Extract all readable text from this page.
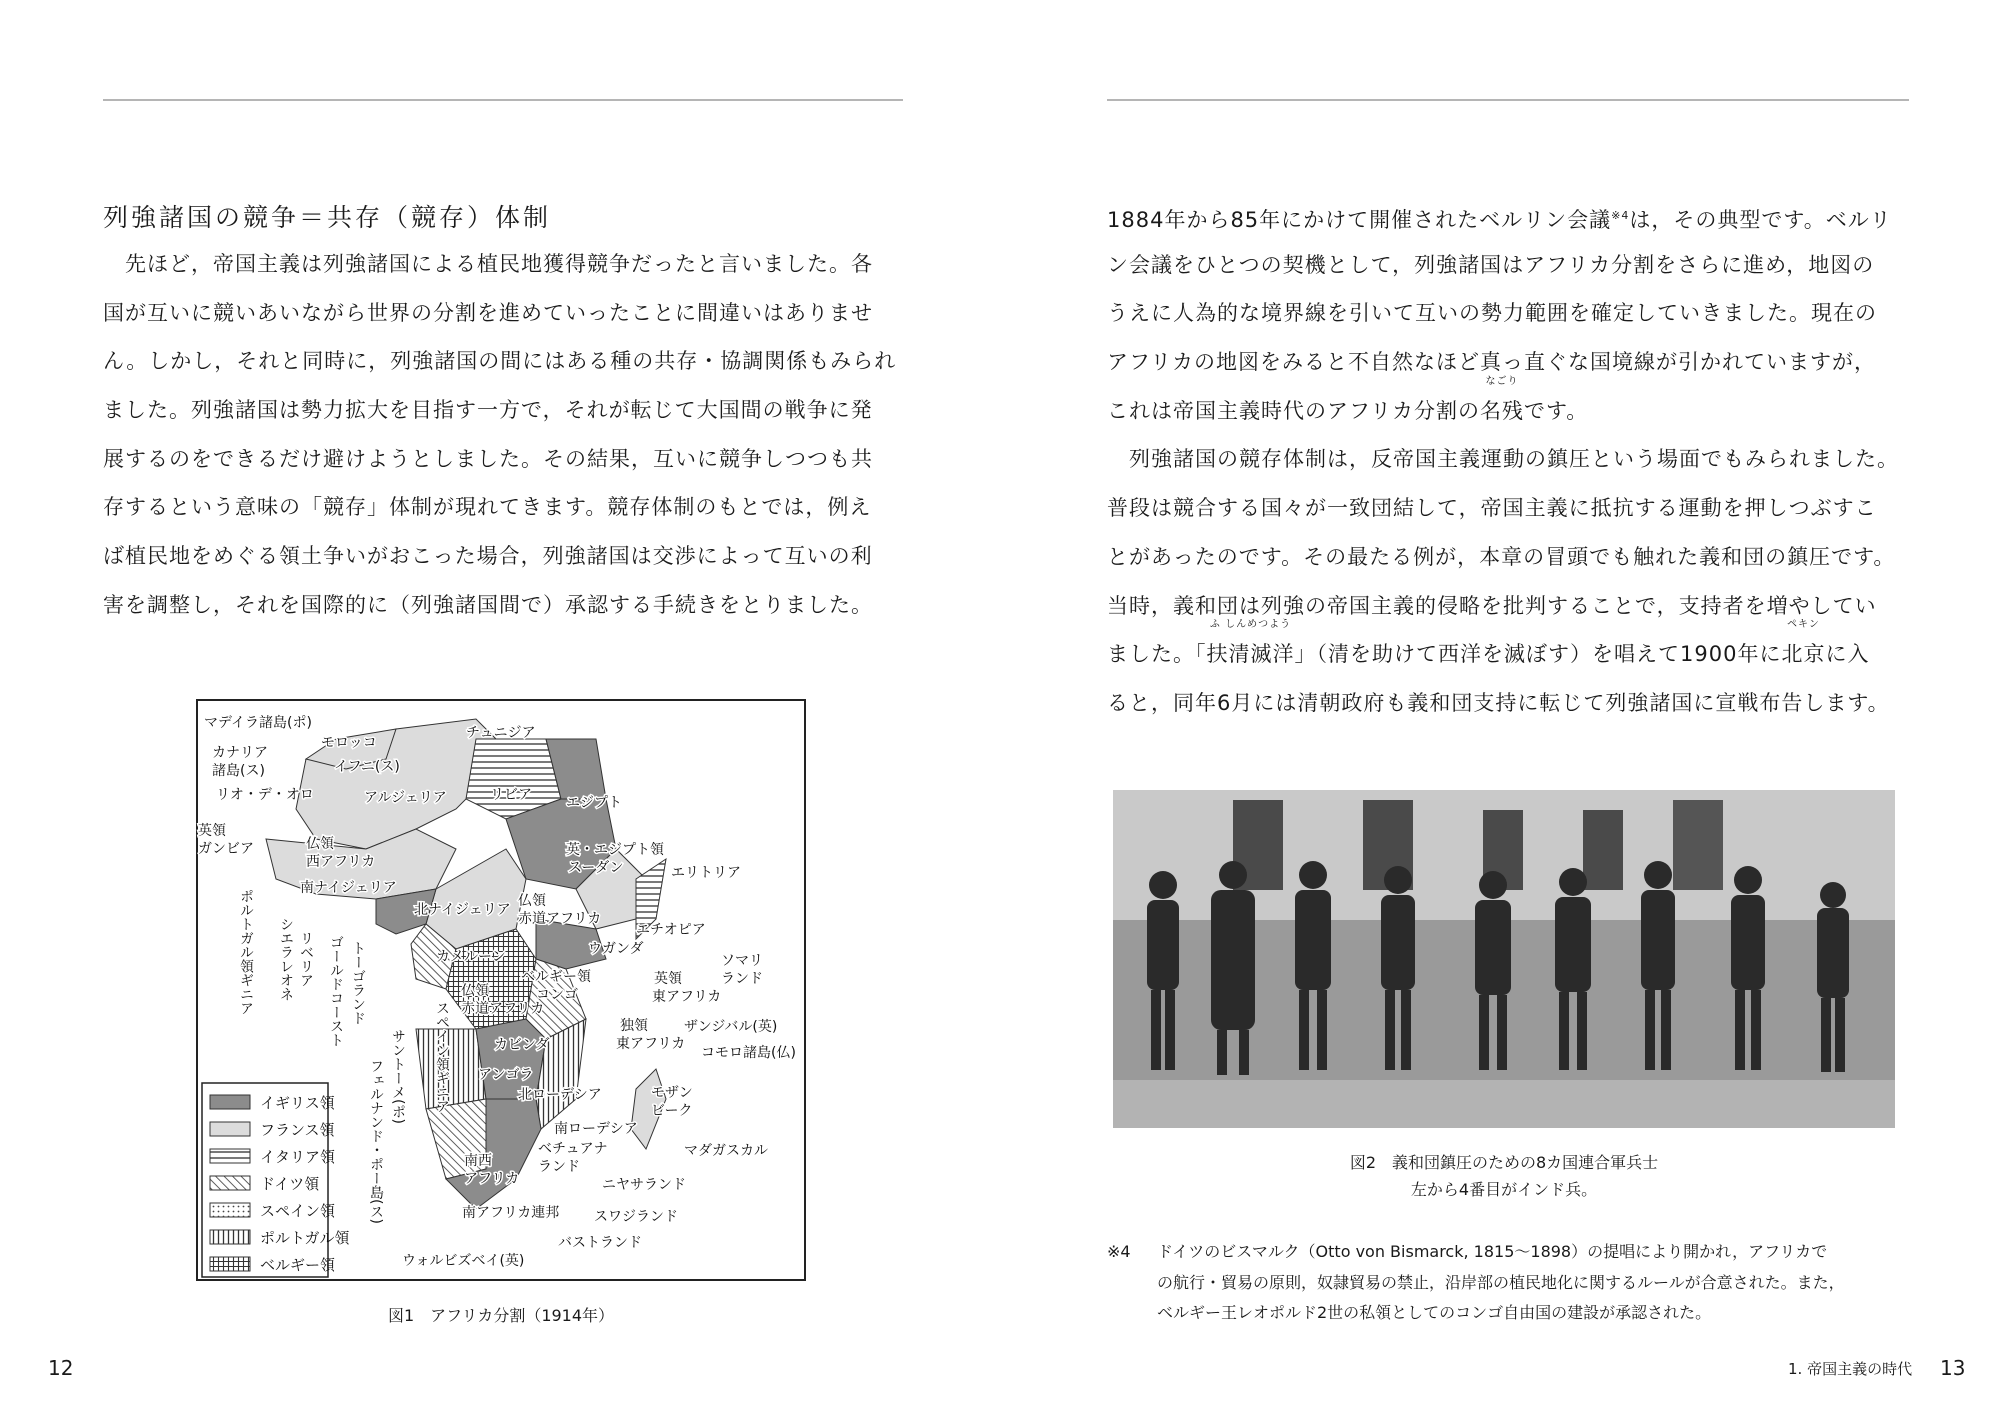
列強諸国の競争＝共存（競存）体制
　先ほど，帝国主義は列強諸国による植民地獲得競争だったと言いました。各
国が互いに競いあいながら世界の分割を進めていったことに間違いはありませ
ん。しかし，それと同時に，列強諸国の間にはある種の共存・協調関係もみられ
ました。列強諸国は勢力拡大を目指す一方で，それが転じて大国間の戦争に発
展するのをできるだけ避けようとしました。その結果，互いに競争しつつも共
存するという意味の「競存」体制が現れてきます。競存体制のもとでは，例え
ば植民地をめぐる領土争いがおこった場合，列強諸国は交渉によって互いの利
害を調整し，それを国際的に（列強諸国間で）承認する手続きをとりました。
1884年から85年にかけて開催されたベルリン会議$^{※4}$は，その典型です。ベルリ
ン会議をひとつの契機として，列強諸国はアフリカ分割をさらに進め，地図の
うえに人為的な境界線を引いて互いの勢力範囲を確定していきました。現在の
アフリカの地図をみると不自然なほど真っ直ぐな国境線が引かれていますが，
これは帝国主義時代のアフリカ分割の名残
なごり
です。
　列強諸国の競存体制は，反帝国主義運動の鎮圧という場面でもみられました。
普段は競合する国々が一致団結して，帝国主義に抵抗する運動を押しつぶすこ
とがあったのです。その最たる例が，本章の冒頭でも触れた義和団の鎮圧です。
当時，義和団は列強の帝国主義的侵略を批判することで，支持者を増やしてい
ました。「扶清滅洋
ふ しんめつよう
」（清を助けて西洋を滅ぼす）を唱えて1900年に北京
ペキン
に入
ると，同年6月には清朝政府も義和団支持に転じて列強諸国に宣戦布告します。
マデイラ諸島(ポ)
カナリア
諸島(ス)
モロッコ
イフニ(ス)
チュニジア
リオ・デ・オロ	アルジェリア	リビア エジプト
英領
ガンビア	仏領
西アフリカ
英・エジプト領
スーダン	エリトリア
南ナイジェリア
北ナイジェリア
仏領
赤道アフリカ
エチオピア
ウガンダ
カメルーン
ベルギー領
コンゴ
英領
東アフリカ
ソマリ
ランド
仏領
赤道アフリカ
独領
東アフリカ
ザンジバル(英)
カビンダ	コモロ諸島(仏)
アンゴラ
北ローデシア	モザン
ビーク
南ローデシア
マダガスカル
南西
アフリカ
ベチュアナ
ランド
ニヤサランド
南アフリカ連邦 スワジランド
バストランド
ウォルビズベイ(英)
ポルトガル領ギニア シエラレオネ リベリア ゴールドコースト トーゴランド
スペイン領ギニア
サントーメ(ポ)
フェルナンド・ポー島(ス)
イギリス領
フランス領
イタリア領
ドイツ領
スペイン領
ポルトガル領
ベルギー領
図1　アフリカ分割（1914年）
図2　義和団鎮圧のための8カ国連合軍兵士
左から4番目がインド兵。
※4 ドイツのビスマルク（Otto von Bismarck, 1815～1898）の提唱により開かれ，アフリカで
の航行・貿易の原則，奴隷貿易の禁止，沿岸部の植民地化に関するルールが合意された。また，
ベルギー王レオポルド2世の私領としてのコンゴ自由国の建設が承認された。
12	1. 帝国主義の時代 13
